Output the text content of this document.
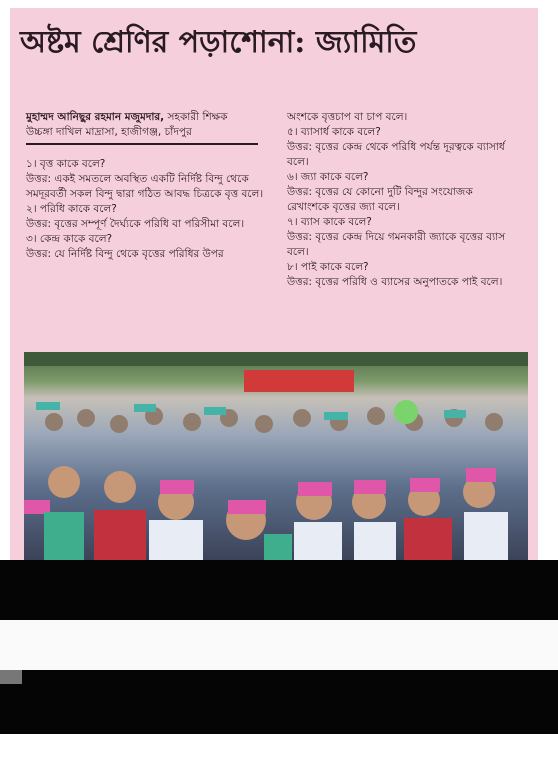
অষ্টম শ্রেণির পড়াশোনা: জ্যামিতি
মুহাম্মদ আনিছুর রহমান মজুমদার, সহকারী শিক্ষক
উচ্চঙ্গা দাখিল মাদ্রাসা, হাজীগঞ্জ, চাঁদপুর

১। বৃত্ত কাকে বলে?

উত্তর: একই সমতলে অবস্থিত একটি নির্দিষ্ট বিন্দু থেকে সমদূরবর্তী সকল বিন্দু দ্বারা গঠিত আবদ্ধ চিত্রকে বৃত্ত বলে।

২। পরিধি কাকে বলে?

উত্তর: বৃত্তের সম্পূর্ণ দৈর্ঘ্যকে পরিধি বা পরিসীমা বলে।

৩। কেন্দ্র কাকে বলে?

উত্তর: যে নির্দিষ্ট বিন্দু থেকে বৃত্তের পরিধির উপর

অংশকে বৃত্তচাপ বা চাপ বলে।

৫। ব্যাসার্ধ কাকে বলে?

উত্তর: বৃত্তের কেন্দ্র থেকে পরিধি পর্যন্ত দূরত্বকে ব্যাসার্ধ বলে।

৬। জ্যা কাকে বলে?

উত্তর: বৃত্তের যে কোনো দুটি বিন্দুর সংযোজক রেখাংশকে বৃত্তের জ্যা বলে।

৭। ব্যাস কাকে বলে?

উত্তর: বৃত্তের কেন্দ্র দিয়ে গমনকারী জ্যাকে বৃত্তের ব্যাস বলে।

৮। পাই কাকে বলে?

উত্তর: বৃত্তের পরিধি ও ব্যাসের অনুপাতকে পাই বলে।
